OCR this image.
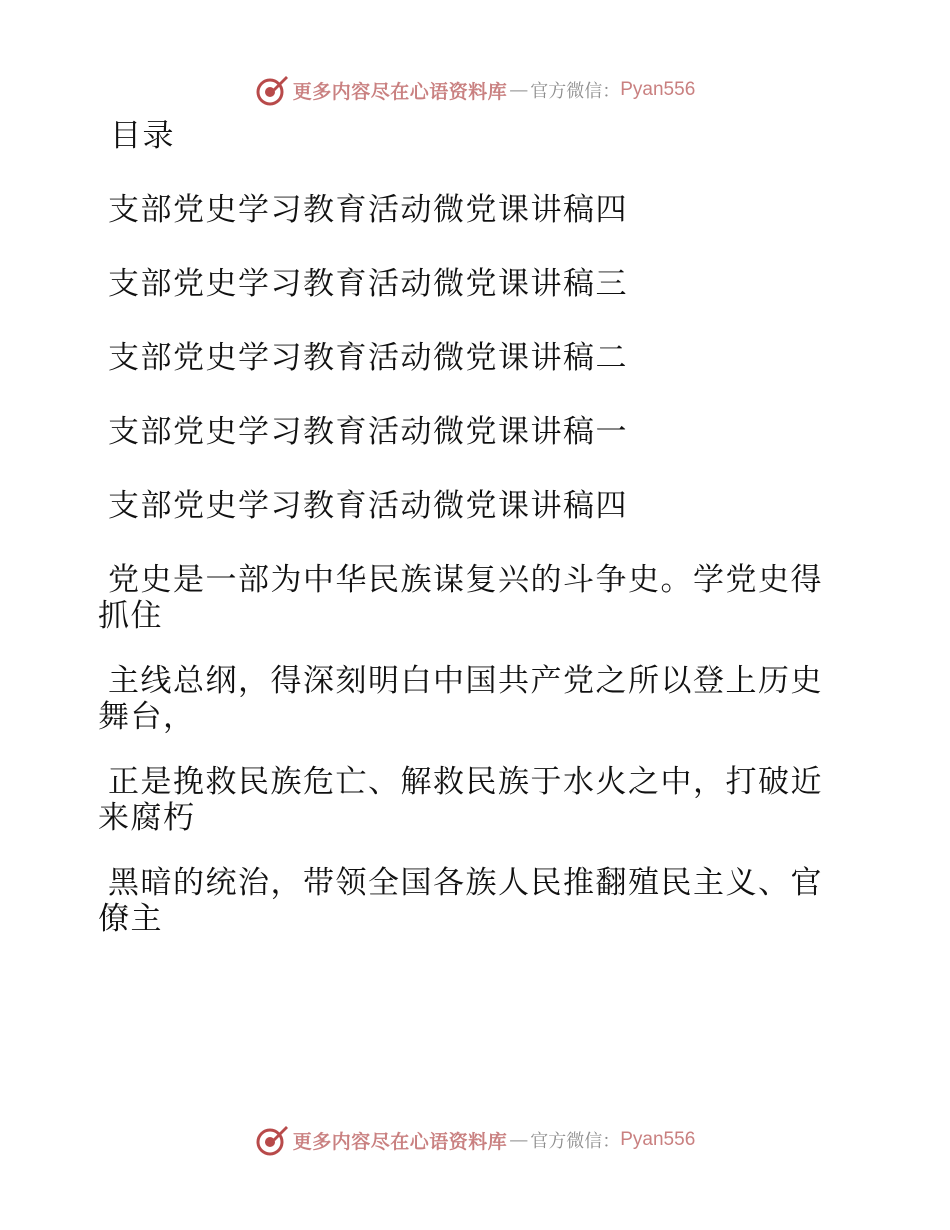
更多内容尽在心语资料库 — 官方微信： Pyan556

目录

支部党史学习教育活动微党课讲稿四

支部党史学习教育活动微党课讲稿三

支部党史学习教育活动微党课讲稿二

支部党史学习教育活动微党课讲稿一

支部党史学习教育活动微党课讲稿四

党史是一部为中华民族谋复兴的斗争史。学党史得抓住

主线总纲，得深刻明白中国共产党之所以登上历史舞台，

正是挽救民族危亡、解救民族于水火之中，打破近来腐朽

黑暗的统治，带领全国各族人民推翻殖民主义、官僚主

更多内容尽在心语资料库 — 官方微信： Pyan556
